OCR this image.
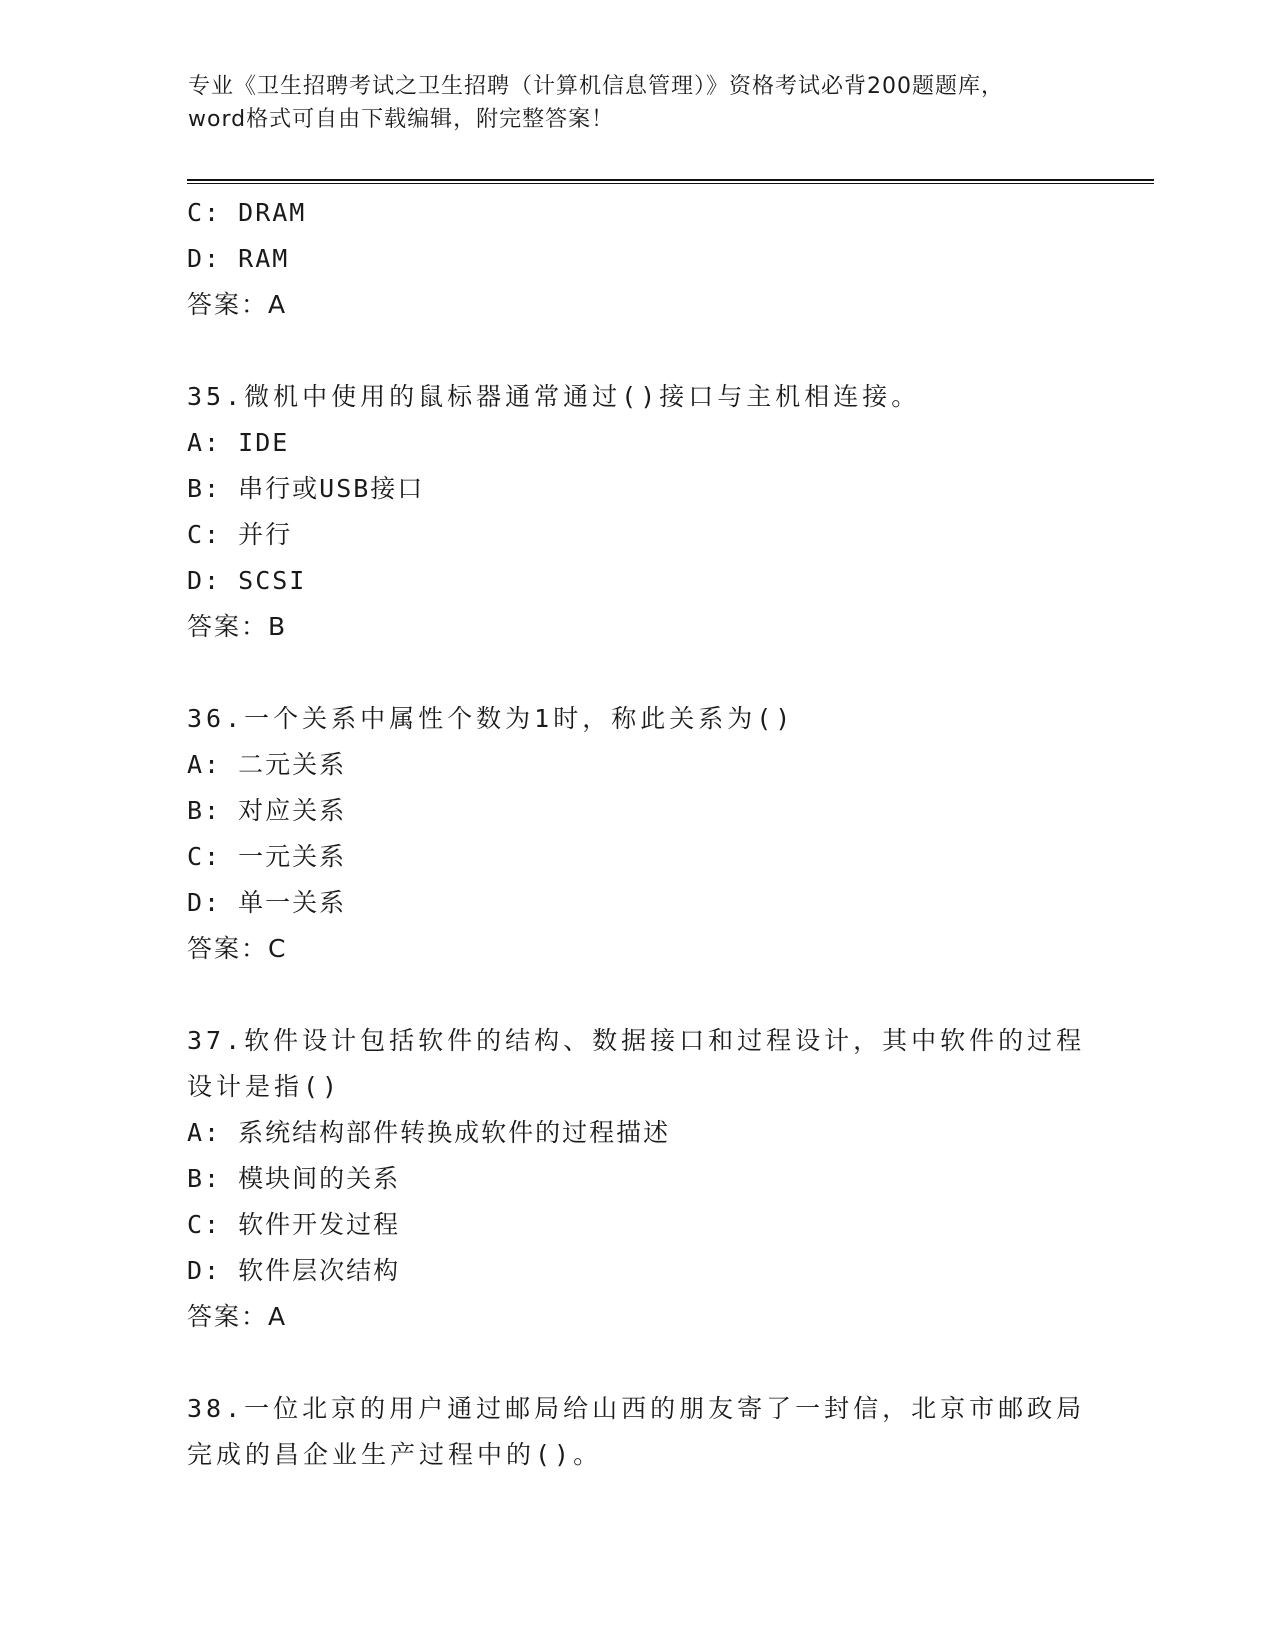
专业《卫生招聘考试之卫生招聘（计算机信息管理）》资格考试必背200题题库，
word格式可自由下载编辑，附完整答案！
C: DRAM
D: RAM
答案：A
35.微机中使用的鼠标器通常通过()接口与主机相连接。
A: IDE
B: 串行或USB接口
C: 并行
D: SCSI
答案：B
36.一个关系中属性个数为1时，称此关系为()
A: 二元关系
B: 对应关系
C: 一元关系
D: 单一关系
答案：C
37.软件设计包括软件的结构、数据接口和过程设计，其中软件的过程设计是指()
A: 系统结构部件转换成软件的过程描述
B: 模块间的关系
C: 软件开发过程
D: 软件层次结构
答案：A
38.一位北京的用户通过邮局给山西的朋友寄了一封信，北京市邮政局完成的昌企业生产过程中的()。
